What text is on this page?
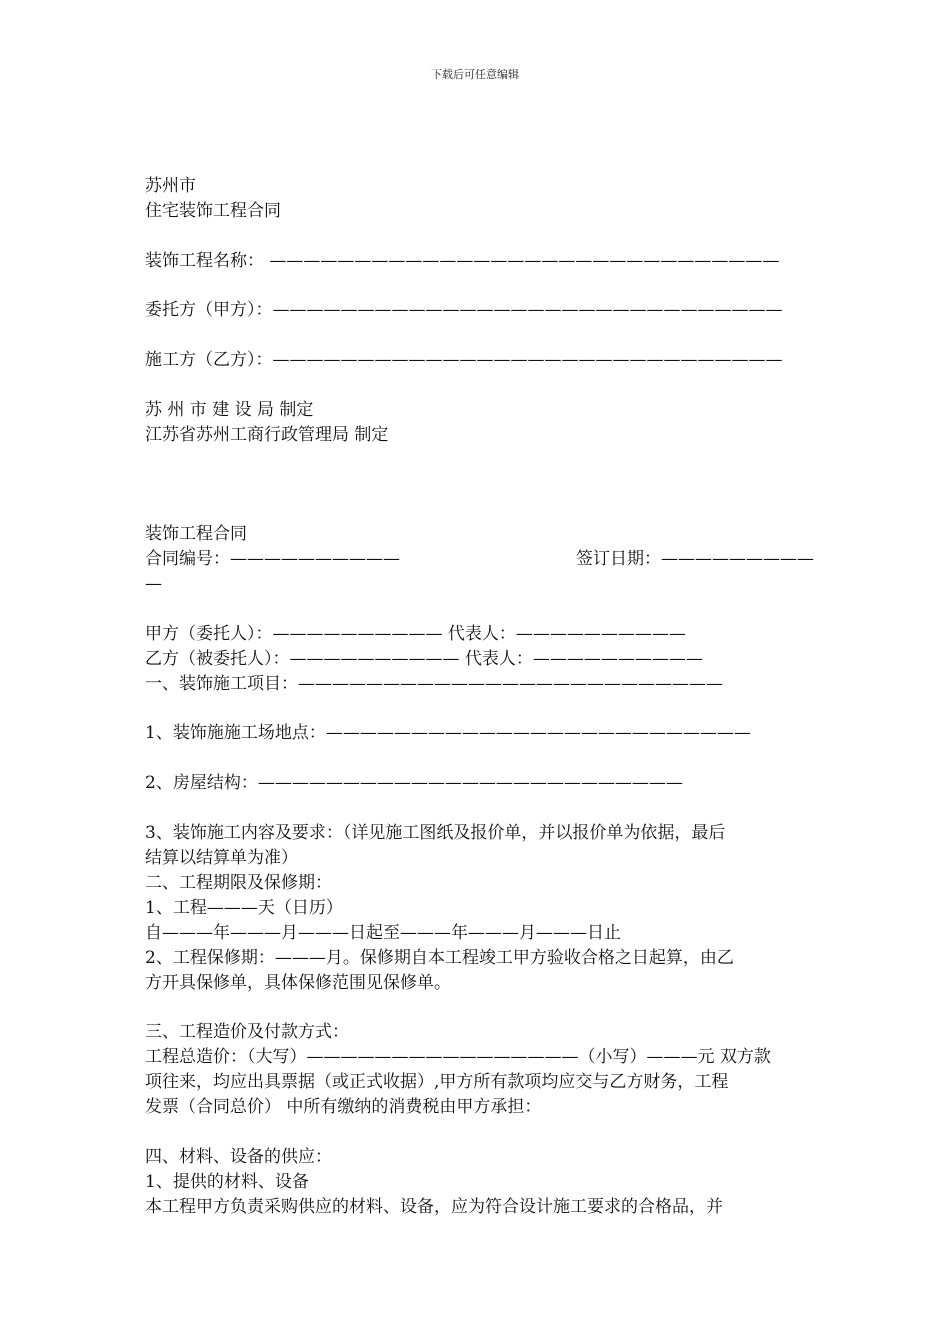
下载后可任意编辑
苏州市
住宅装饰工程合同
装饰工程名称： ——————————————————————————————
委托方（甲方）：——————————————————————————————
施工方（乙方）：——————————————————————————————
苏 州 市 建 设 局 制定
江苏省苏州工商行政管理局 制定
装饰工程合同
合同编号：——————————	签订日期：—————————
—
甲方（委托人）：—————————— 代表人：——————————
乙方（被委托人）：—————————— 代表人：——————————
一、装饰施工项目：—————————————————————————
1、装饰施施工场地点：—————————————————————————
2、房屋结构：—————————————————————————
3、装饰施工内容及要求：（详见施工图纸及报价单，并以报价单为依据，最后
结算以结算单为准）
二、工程期限及保修期：
1、工程———天（日历）
自———年———月———日起至———年———月———日止
2、工程保修期：———月。保修期自本工程竣工甲方验收合格之日起算，由乙
方开具保修单，具体保修范围见保修单。
三、工程造价及付款方式：
工程总造价：（大写）————————————————（小写）———元 双方款
项往来，均应出具票据（或正式收据）,甲方所有款项均应交与乙方财务，工程
发票（合同总价） 中所有缴纳的消费税由甲方承担：
四、材料、设备的供应：
1、提供的材料、设备
本工程甲方负责采购供应的材料、设备，应为符合设计施工要求的合格品，并
